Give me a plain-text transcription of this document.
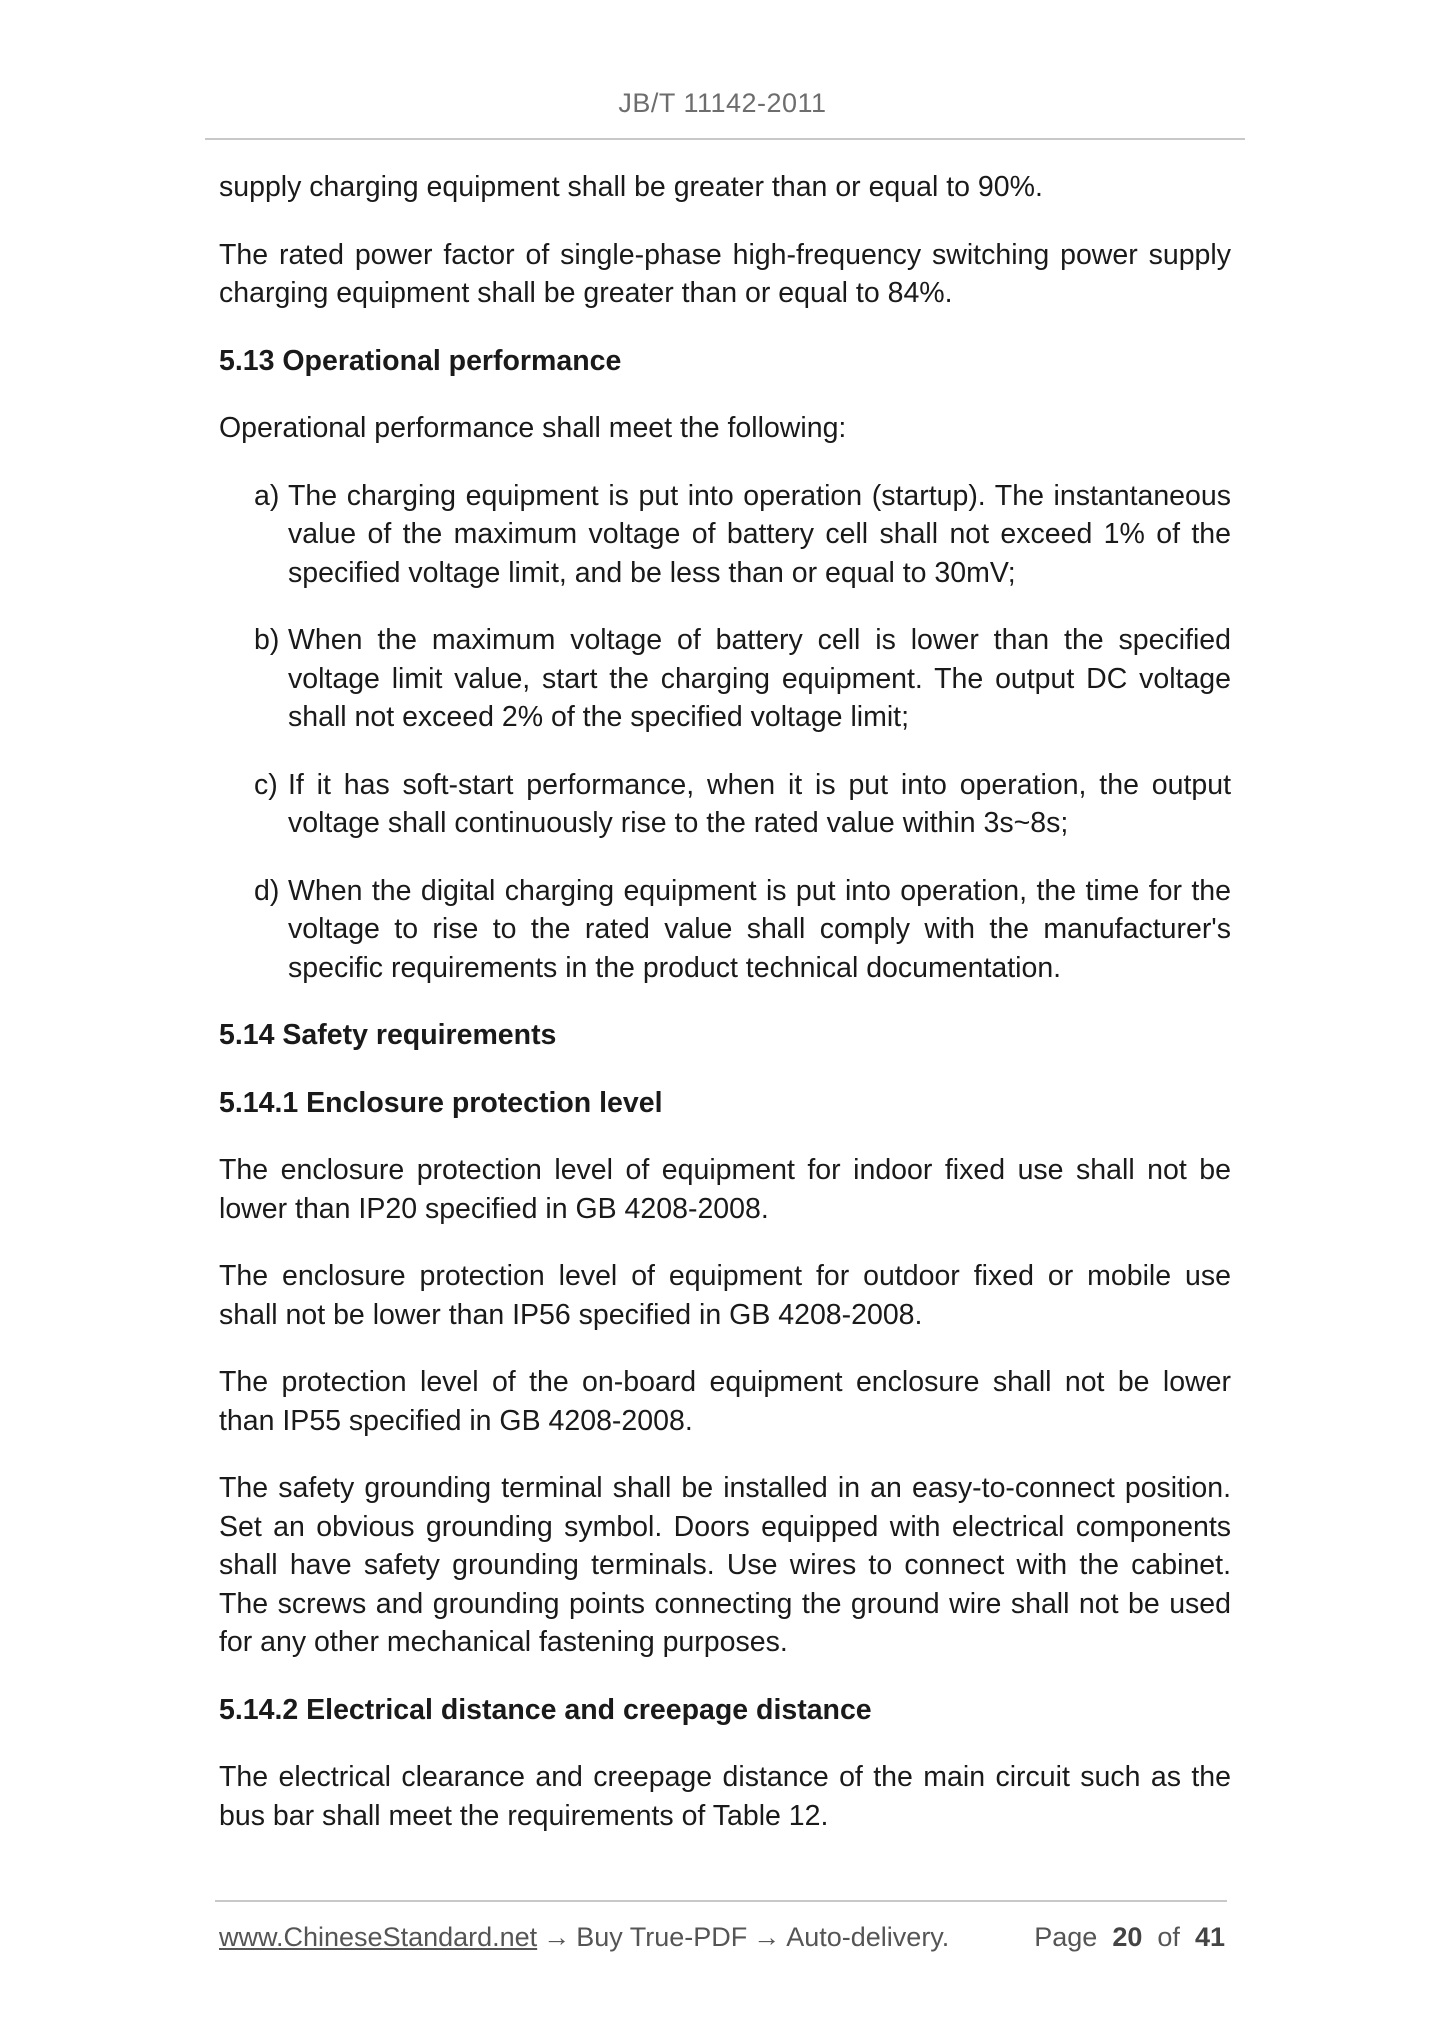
JB/T 11142-2011

supply charging equipment shall be greater than or equal to 90%.

The rated power factor of single-phase high-frequency switching power supply charging equipment shall be greater than or equal to 84%.

5.13 Operational performance

Operational performance shall meet the following:

a) The charging equipment is put into operation (startup). The instantaneous value of the maximum voltage of battery cell shall not exceed 1% of the specified voltage limit, and be less than or equal to 30mV;
b) When the maximum voltage of battery cell is lower than the specified voltage limit value, start the charging equipment. The output DC voltage shall not exceed 2% of the specified voltage limit;
c) If it has soft-start performance, when it is put into operation, the output voltage shall continuously rise to the rated value within 3s~8s;
d) When the digital charging equipment is put into operation, the time for the voltage to rise to the rated value shall comply with the manufacturer's specific requirements in the product technical documentation.
5.14 Safety requirements
5.14.1 Enclosure protection level

The enclosure protection level of equipment for indoor fixed use shall not be lower than IP20 specified in GB 4208-2008.

The enclosure protection level of equipment for outdoor fixed or mobile use shall not be lower than IP56 specified in GB 4208-2008.

The protection level of the on-board equipment enclosure shall not be lower than IP55 specified in GB 4208-2008.

The safety grounding terminal shall be installed in an easy-to-connect position. Set an obvious grounding symbol. Doors equipped with electrical components shall have safety grounding terminals. Use wires to connect with the cabinet. The screws and grounding points connecting the ground wire shall not be used for any other mechanical fastening purposes.

5.14.2 Electrical distance and creepage distance

The electrical clearance and creepage distance of the main circuit such as the bus bar shall meet the requirements of Table 12.

www.ChineseStandard.net → Buy True-PDF → Auto-delivery.	Page 20 of 41
